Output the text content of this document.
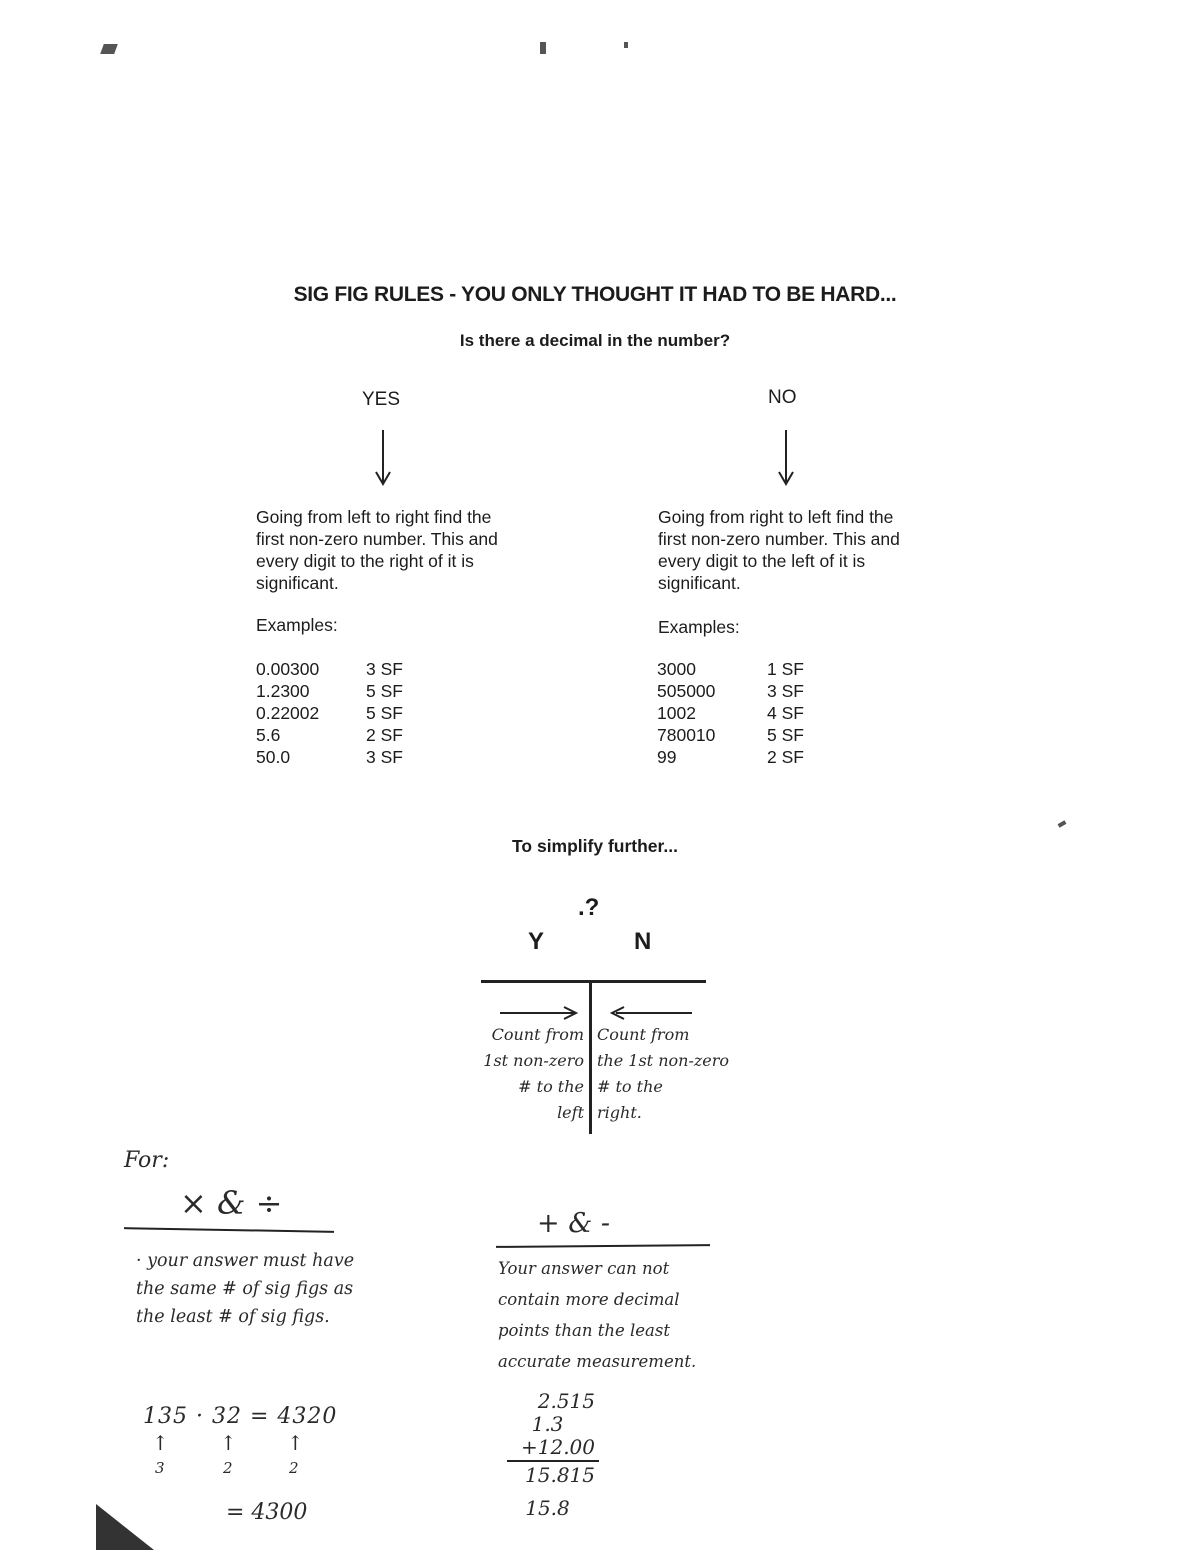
SIG FIG RULES - YOU ONLY THOUGHT IT HAD TO BE HARD...
Is there a decimal in the number?
YES
Going from left to right find the first non-zero number. This and every digit to the right of it is significant.
Examples:
0.00300	3 SF
1.2300	5 SF
0.22002	5 SF
5.6	2 SF
50.0	3 SF
NO
Going from right to left find the first non-zero number. This and every digit to the left of it is significant.
Examples:
3000	1 SF
505000	3 SF
1002	4 SF
780010	5 SF
99	2 SF
To simplify further...
.?
Y	N
Count from
1st non-zero
# to the
left
Count from
the 1st non-zero
# to the
right.
For:
× & ÷
· your answer must have the same # of sig figs as the least # of sig figs.
+ & -
Your answer can not contain more decimal points than the least accurate measurement.
135 · 32 = 4320
↑	↑	↑
3	2	2
= 4300
2.515
1.3
+12.00
15.815
15.8
